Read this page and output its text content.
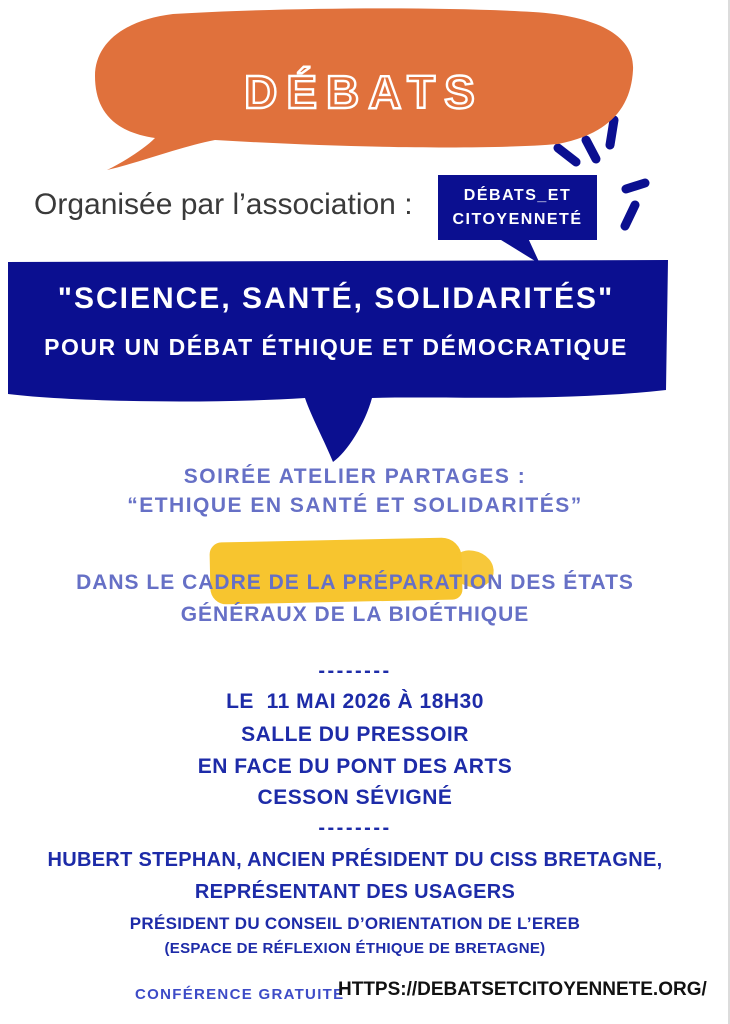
DÉBATS
Organisée par l’association :	DÉBATS_ET
CITOYENNETÉ
"SCIENCE, SANTÉ, SOLIDARITÉS"
POUR UN DÉBAT ÉTHIQUE ET DÉMOCRATIQUE
SOIRÉE ATELIER PARTAGES :
“ETHIQUE EN SANTÉ ET SOLIDARITÉS”
DANS LE CADRE DE LA PRÉPARATION DES ÉTATS
GÉNÉRAUX DE LA BIOÉTHIQUE
--------
LE  11 MAI 2026 À 18H30
SALLE DU PRESSOIR
EN FACE DU PONT DES ARTS
CESSON SÉVIGNÉ
--------
HUBERT STEPHAN, ANCIEN PRÉSIDENT DU CISS BRETAGNE,
REPRÉSENTANT DES USAGERS
PRÉSIDENT DU CONSEIL D’ORIENTATION DE L’EREB
(ESPACE DE RÉFLEXION ÉTHIQUE DE BRETAGNE)
CONFÉRENCE GRATUITE
HTTPS://DEBATSETCITOYENNETE.ORG/
